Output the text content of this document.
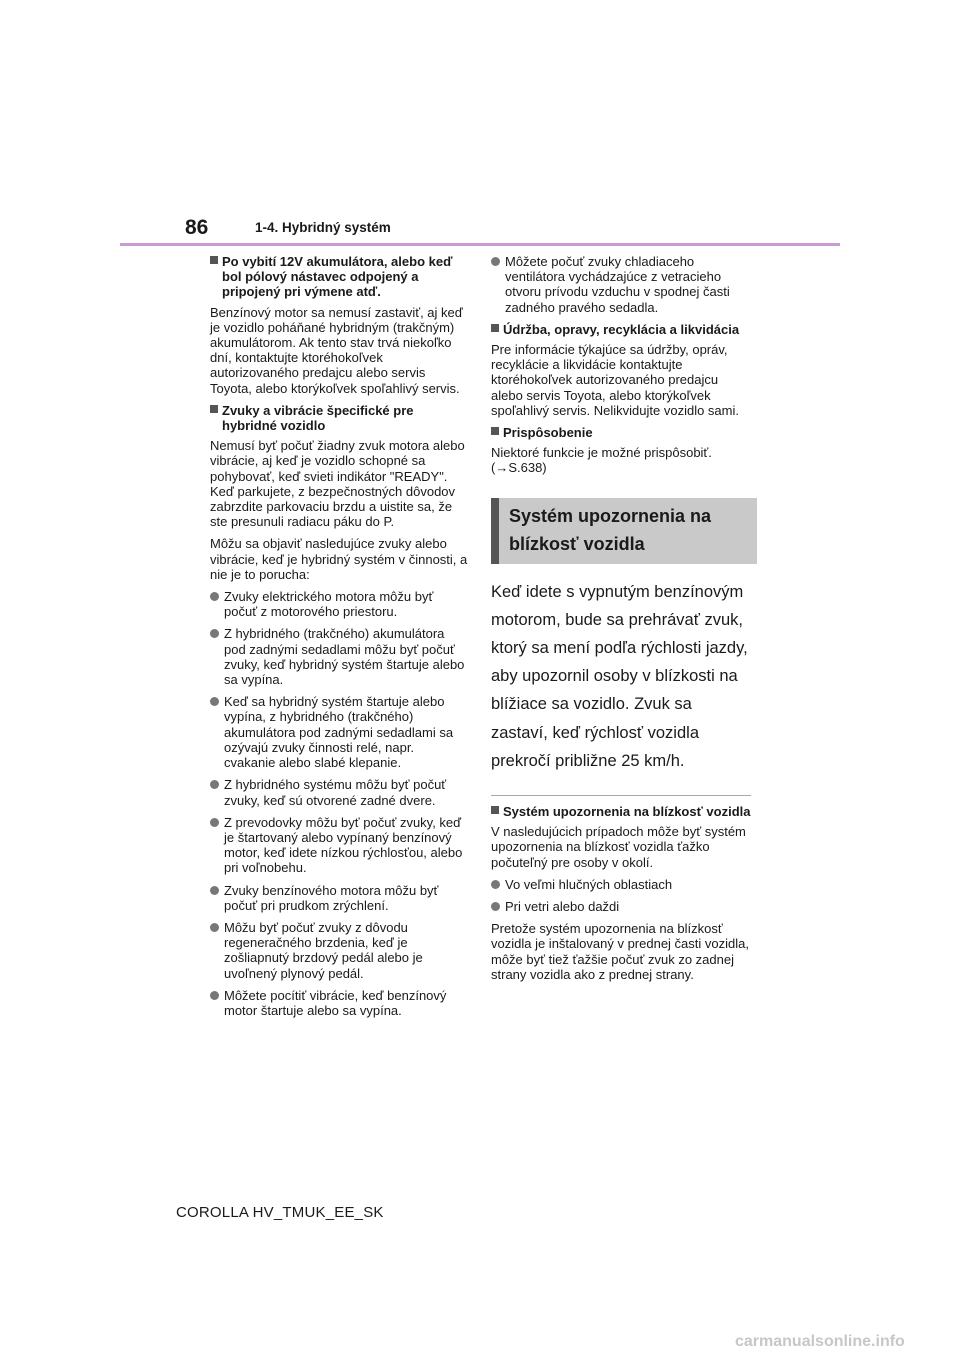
86	1-4. Hybridný systém
Po vybití 12V akumulátora, alebo keď bol pólový nástavec odpojený a pripojený pri výmene atď.

Benzínový motor sa nemusí zastaviť, aj keď je vozidlo poháňané hybridným (trakčným) akumulátorom. Ak tento stav trvá niekoľko dní, kontaktujte ktoréhokoľvek autorizovaného predajcu alebo servis Toyota, alebo ktorýkoľvek spoľahlivý servis.

Zvuky a vibrácie špecifické pre hybridné vozidlo

Nemusí byť počuť žiadny zvuk motora alebo vibrácie, aj keď je vozidlo schopné sa pohybovať, keď svieti indikátor "READY". Keď parkujete, z bezpečnostných dôvodov zabrzdite parkovaciu brzdu a uistite sa, že ste presunuli radiacu páku do P.

Môžu sa objaviť nasledujúce zvuky alebo vibrácie, keď je hybridný systém v činnosti, a nie je to porucha:

Zvuky elektrického motora môžu byť počuť z motorového priestoru.
Z hybridného (trakčného) akumulátora pod zadnými sedadlami môžu byť počuť zvuky, keď hybridný systém štartuje alebo sa vypína.
Keď sa hybridný systém štartuje alebo vypína, z hybridného (trakčného) akumulátora pod zadnými sedadlami sa ozývajú zvuky činnosti relé, napr. cvakanie alebo slabé klepanie.
Z hybridného systému môžu byť počuť zvuky, keď sú otvorené zadné dvere.
Z prevodovky môžu byť počuť zvuky, keď je štartovaný alebo vypínaný benzínový motor, keď idete nízkou rýchlosťou, alebo pri voľnobehu.
Zvuky benzínového motora môžu byť počuť pri prudkom zrýchlení.
Môžu byť počuť zvuky z dôvodu regeneračného brzdenia, keď je zošliapnutý brzdový pedál alebo je uvoľnený plynový pedál.
Môžete pocítiť vibrácie, keď benzínový motor štartuje alebo sa vypína.
Môžete počuť zvuky chladiaceho ventilátora vychádzajúce z vetracieho otvoru prívodu vzduchu v spodnej časti zadného pravého sedadla.
Údržba, opravy, recyklácia a likvidácia

Pre informácie týkajúce sa údržby, opráv, recyklácie a likvidácie kontaktujte ktoréhokoľvek autorizovaného predajcu alebo servis Toyota, alebo ktorýkoľvek spoľahlivý servis. Nelikvidujte vozidlo sami.

Prispôsobenie

Niektoré funkcie je možné prispôsobiť. (→S.638)

Systém upozornenia na blízkosť vozidla

Keď idete s vypnutým benzínovým motorom, bude sa prehrávať zvuk, ktorý sa mení podľa rýchlosti jazdy, aby upozornil osoby v blízkosti na blížiace sa vozidlo. Zvuk sa zastaví, keď rýchlosť vozidla prekročí približne 25 km/h.

Systém upozornenia na blízkosť vozidla

V nasledujúcich prípadoch môže byť systém upozornenia na blízkosť vozidla ťažko počuteľný pre osoby v okolí.

Vo veľmi hlučných oblastiach
Pri vetri alebo daždi

Pretože systém upozornenia na blízkosť vozidla je inštalovaný v prednej časti vozidla, môže byť tiež ťažšie počuť zvuk zo zadnej strany vozidla ako z prednej strany.

COROLLA HV_TMUK_EE_SK
carmanualsonline.info
